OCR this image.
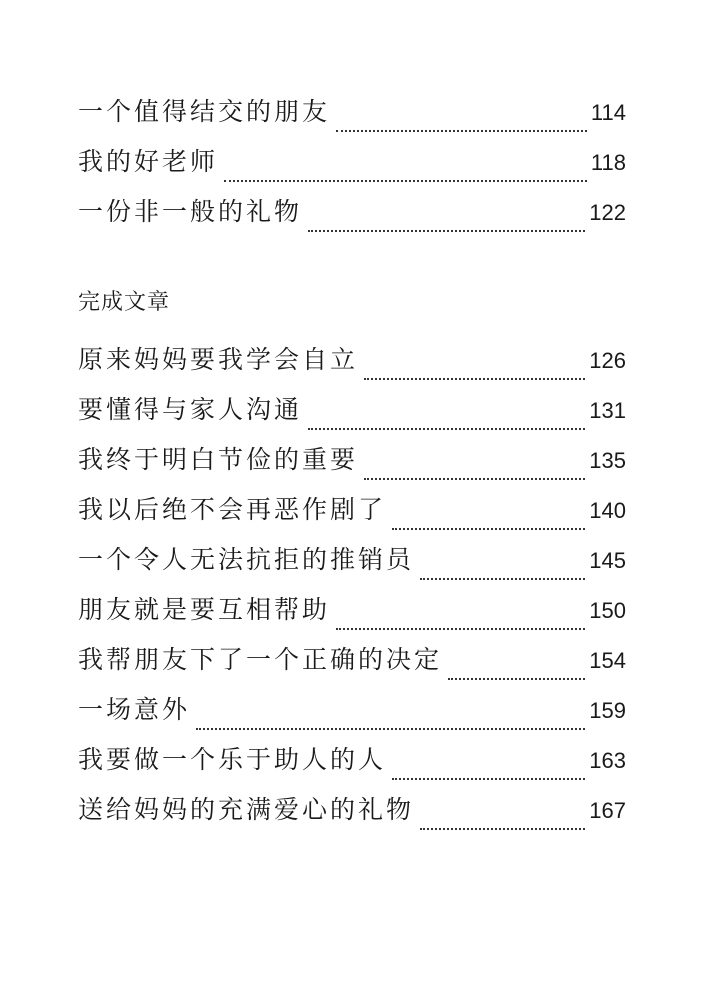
一个值得结交的朋友	114
我的好老师	118
一份非一般的礼物	122
完成文章
原来妈妈要我学会自立	126
要懂得与家人沟通	131
我终于明白节俭的重要	135
我以后绝不会再恶作剧了	140
一个令人无法抗拒的推销员	145
朋友就是要互相帮助	150
我帮朋友下了一个正确的决定	154
一场意外	159
我要做一个乐于助人的人	163
送给妈妈的充满爱心的礼物	167
